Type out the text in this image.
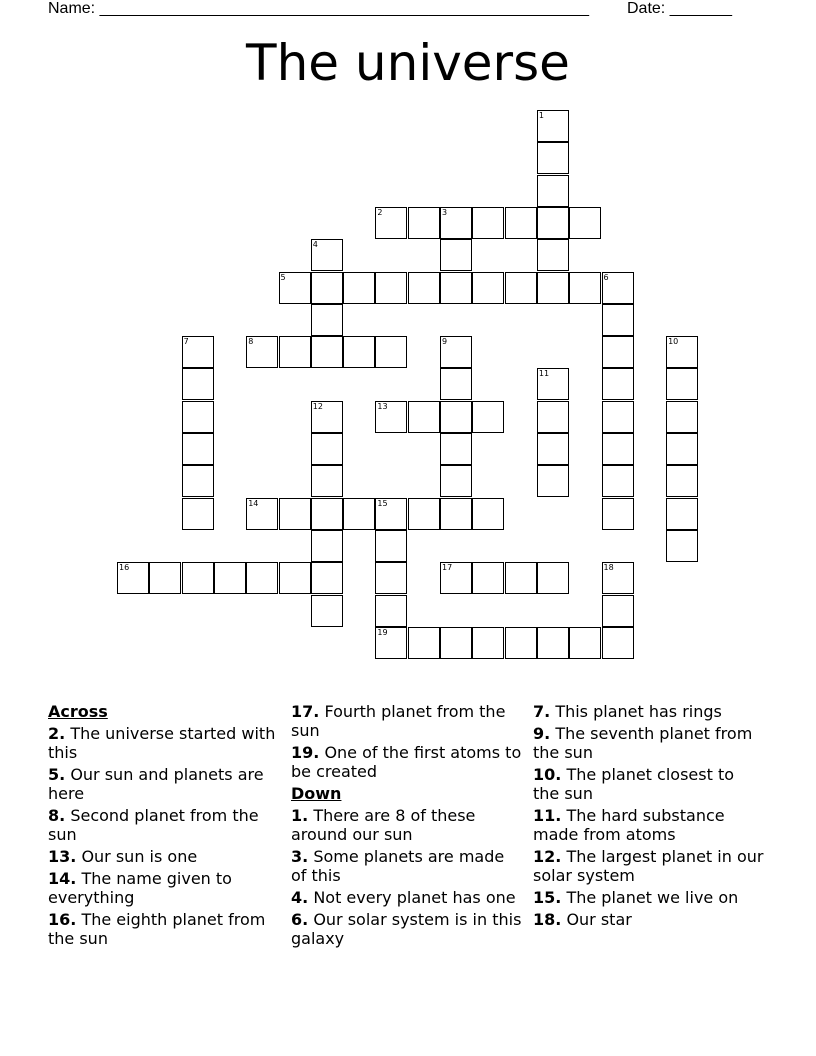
Name: _______________________________________________________ Date: _______
The universe
1
2	3
4
5	6
7	8	9	10
11
12	13
14	15
19
16	17	18
Across
2. The universe started with this
5. Our sun and planets are here
8. Second planet from the sun
13. Our sun is one
14. The name given to everything
16. The eighth planet from the sun
17. Fourth planet from the sun
19. One of the first atoms to be created
Down
1. There are 8 of these around our sun
3. Some planets are made of this
4. Not every planet has one
6. Our solar system is in this galaxy
7. This planet has rings
9. The seventh planet from the sun
10. The planet closest to the sun
11. The hard substance made from atoms
12. The largest planet in our solar system
15. The planet we live on
18. Our star
